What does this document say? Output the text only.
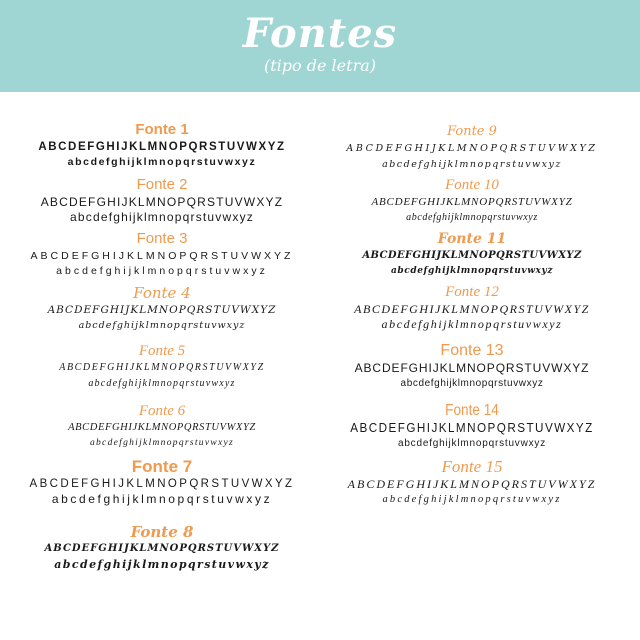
Fontes
(tipo de letra)
Fonte 1
ABCDEFGHIJKLMNOPQRSTUVWXYZ
abcdefghijklmnopqrstuvwxyz
Fonte 2
ABCDEFGHIJKLMNOPQRSTUVWXYZ
abcdefghijklmnopqrstuvwxyz
Fonte 3
ABCDEFGHIJKLMNOPQRSTUVWXYZ
abcdefghijklmnopqrstuvwxyz
Fonte 4
ABCDEFGHIJKLMNOPQRSTUVWXYZ
abcdefghijklmnopqrstuvwxyz
Fonte 5
ABCDEFGHIJKLMNOPQRSTUVWXYZ
abcdefghijklmnopqrstuvwxyz
Fonte 6
ABCDEFGHIJKLMNOPQRSTUVWXYZ
abcdefghijklmnopqrstuvwxyz
Fonte 7
ABCDEFGHIJKLMNOPQRSTUVWXYZ
abcdefghijklmnopqrstuvwxyz
Fonte 8
ABCDEFGHIJKLMNOPQRSTUVWXYZ
abcdefghijklmnopqrstuvwxyz
Fonte 9
ABCDEFGHIJKLMNOPQRSTUVWXYZ
abcdefghijklmnopqrstuvwxyz
Fonte 10
ABCDEFGHIJKLMNOPQRSTUVWXYZ
abcdefghijklmnopqrstuvwxyz
Fonte 11
ABCDEFGHIJKLMNOPQRSTUVWXYZ
abcdefghijklmnopqrstuvwxyz
Fonte 12
ABCDEFGHIJKLMNOPQRSTUVWXYZ
abcdefghijklmnopqrstuvwxyz
Fonte 13
ABCDEFGHIJKLMNOPQRSTUVWXYZ
abcdefghijklmnopqrstuvwxyz
Fonte 14
ABCDEFGHIJKLMNOPQRSTUVWXYZ
abcdefghijklmnopqrstuvwxyz
Fonte 15
ABCDEFGHIJKLMNOPQRSTUVWXYZ
abcdefghijklmnopqrstuvwxyz
